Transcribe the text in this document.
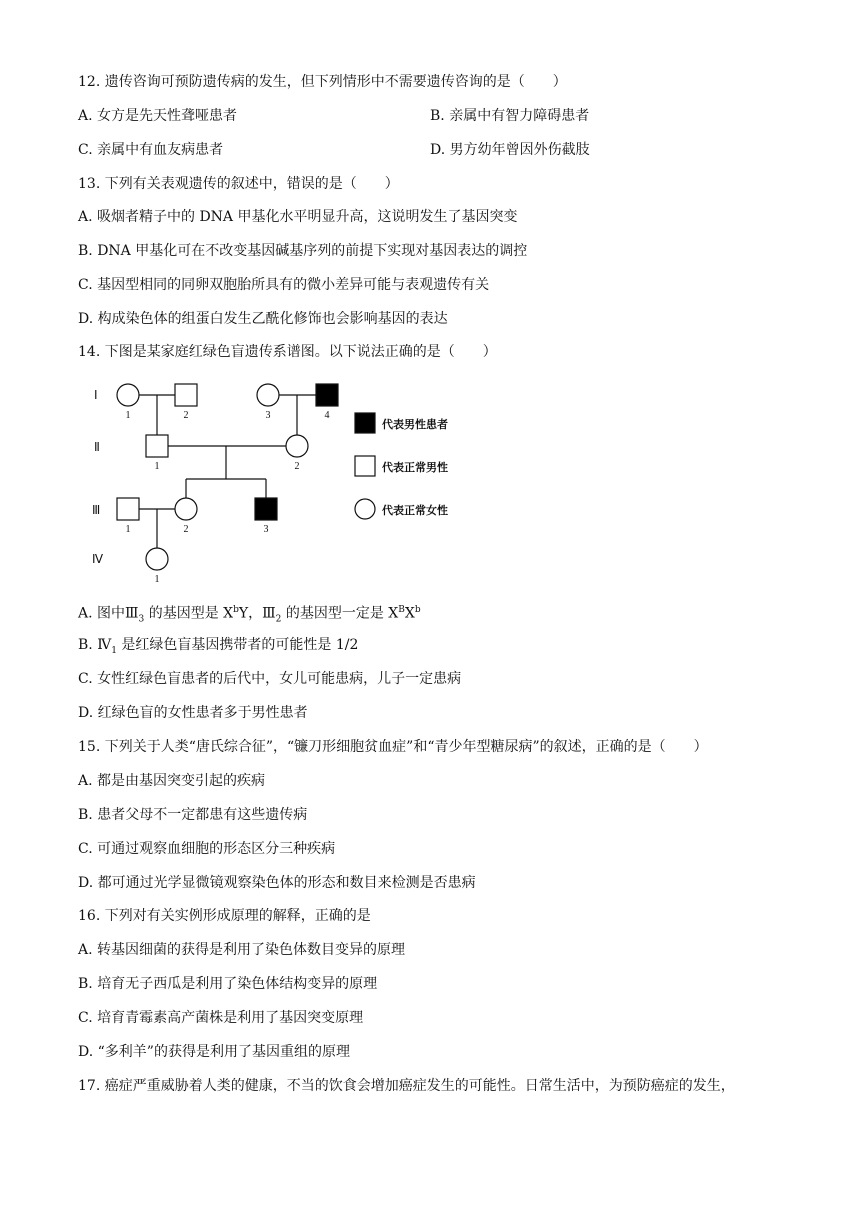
12. 遗传咨询可预防遗传病的发生，但下列情形中不需要遗传咨询的是（　　）
A. 女方是先天性聋哑患者	B. 亲属中有智力障碍患者
C. 亲属中有血友病患者	D. 男方幼年曾因外伤截肢
13. 下列有关表观遗传的叙述中，错误的是（　　）
A. 吸烟者精子中的 DNA 甲基化水平明显升高，这说明发生了基因突变
B. DNA 甲基化可在不改变基因碱基序列的前提下实现对基因表达的调控
C. 基因型相同的同卵双胞胎所具有的微小差异可能与表观遗传有关
D. 构成染色体的组蛋白发生乙酰化修饰也会影响基因的表达
14. 下图是某家庭红绿色盲遗传系谱图。以下说法正确的是（　　）
Ⅰ
Ⅱ
Ⅲ
Ⅳ
1	2	3	4
1	2
1	2	3
1
代表男性患者
代表正常男性
代表正常女性
A. 图中$Ⅲ_3$ 的基因型是 $X^bY$，$Ⅲ_2$ 的基因型一定是 $X^BX^b$
B. $Ⅳ_1$ 是红绿色盲基因携带者的可能性是 1/2
C. 女性红绿色盲患者的后代中，女儿可能患病，儿子一定患病
D. 红绿色盲的女性患者多于男性患者
15. 下列关于人类“唐氏综合征”，“镰刀形细胞贫血症”和“青少年型糖尿病”的叙述，正确的是（　　）
A. 都是由基因突变引起的疾病
B. 患者父母不一定都患有这些遗传病
C. 可通过观察血细胞的形态区分三种疾病
D. 都可通过光学显微镜观察染色体的形态和数目来检测是否患病
16. 下列对有关实例形成原理的解释，正确的是
A. 转基因细菌的获得是利用了染色体数目变异的原理
B. 培育无子西瓜是利用了染色体结构变异的原理
C. 培育青霉素高产菌株是利用了基因突变原理
D. “多利羊”的获得是利用了基因重组的原理
17. 癌症严重威胁着人类的健康，不当的饮食会增加癌症发生的可能性。日常生活中，为预防癌症的发生，
